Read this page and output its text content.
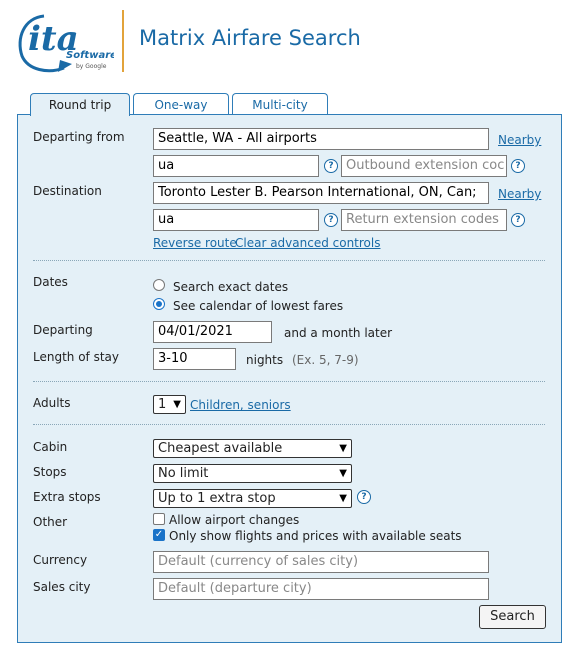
ita
Software
by Google
Matrix Airfare Search
Round trip	One-way	Multi-city
Departing from	Seattle, WA - All airports	Nearby
ua	? Outbound extension coc	?
Destination	Toronto Lester B. Pearson International, ON, Can;	Nearby
ua	? Return extension codes	?
Reverse route
Clear advanced controls
Dates	Search exact dates
See calendar of lowest fares
Departing	04/01/2021	and a month later
Length of stay	3-10	nights (Ex. 5, 7-9)
Adults	1 ▼ Children, seniors
Cabin	Cheapest available	▼
Stops	No limit	▼
Extra stops	Up to 1 extra stop	▼	?
Other	Allow airport changes
✓ Only show flights and prices with available seats
Currency	Default (currency of sales city)
Sales city	Default (departure city)
Search
